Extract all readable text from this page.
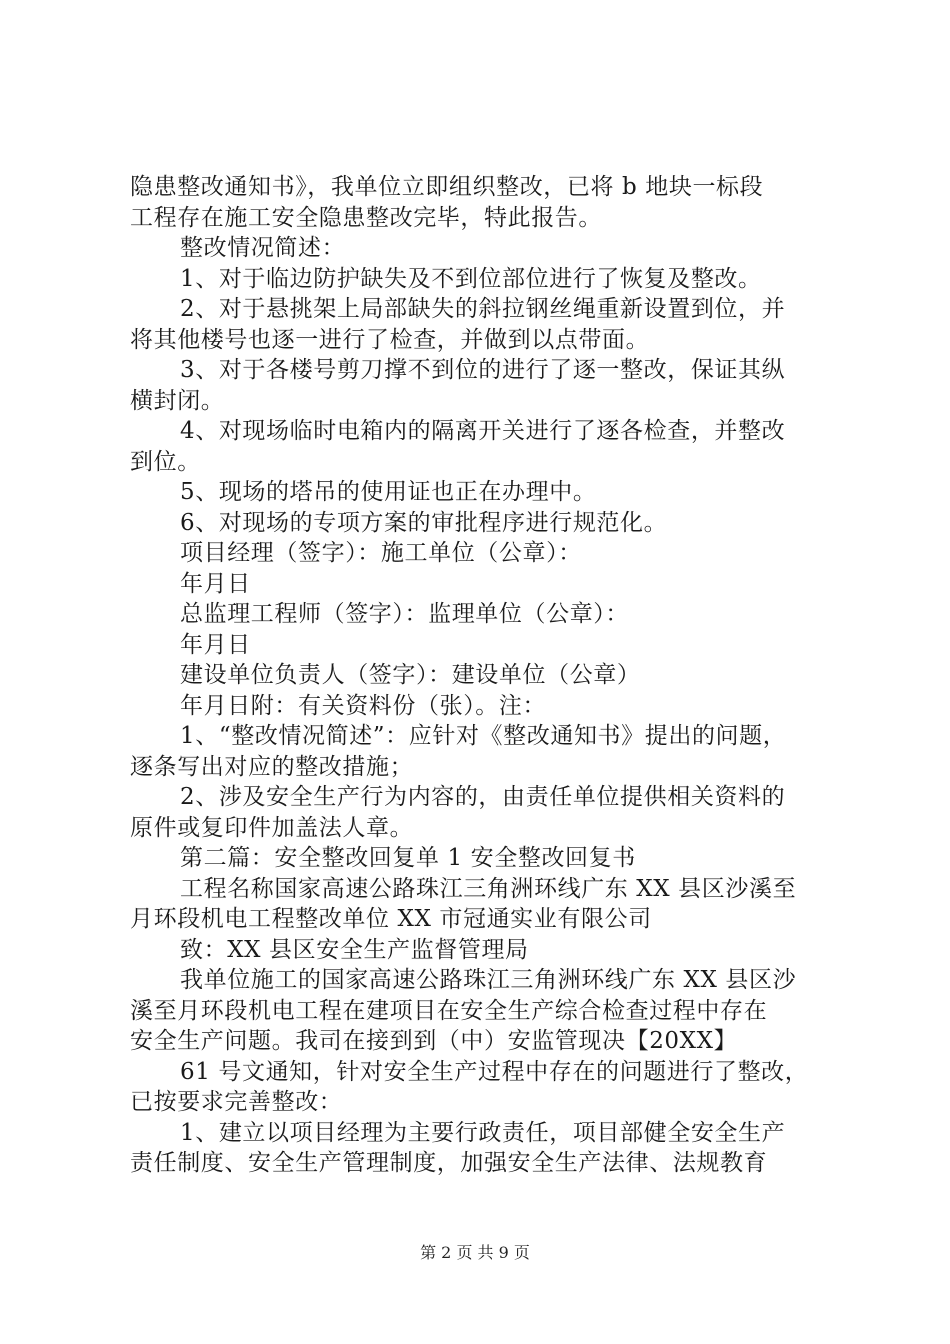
隐患整改通知书》，我单位立即组织整改，已将 b 地块一标段
工程存在施工安全隐患整改完毕，特此报告。
整改情况简述：
1、对于临边防护缺失及不到位部位进行了恢复及整改。
2、对于悬挑架上局部缺失的斜拉钢丝绳重新设置到位，并
将其他楼号也逐一进行了检查，并做到以点带面。
3、对于各楼号剪刀撑不到位的进行了逐一整改，保证其纵
横封闭。
4、对现场临时电箱内的隔离开关进行了逐各检查，并整改
到位。
5、现场的塔吊的使用证也正在办理中。
6、对现场的专项方案的审批程序进行规范化。
项目经理（签字）：施工单位（公章）：
年月日
总监理工程师（签字）：监理单位（公章）：
年月日
建设单位负责人（签字）：建设单位（公章）
年月日附：有关资料份（张）。注：
1、“整改情况简述”：应针对《整改通知书》提出的问题，
逐条写出对应的整改措施；
2、涉及安全生产行为内容的，由责任单位提供相关资料的
原件或复印件加盖法人章。
第二篇：安全整改回复单 1 安全整改回复书
工程名称国家高速公路珠江三角洲环线广东 XX 县区沙溪至
月环段机电工程整改单位 XX 市冠通实业有限公司
致：XX 县区安全生产监督管理局
我单位施工的国家高速公路珠江三角洲环线广东 XX 县区沙
溪至月环段机电工程在建项目在安全生产综合检查过程中存在
安全生产问题。我司在接到到（中）安监管现决【20XX】
61 号文通知，针对安全生产过程中存在的问题进行了整改，
已按要求完善整改：
1、建立以项目经理为主要行政责任，项目部健全安全生产
责任制度、安全生产管理制度，加强安全生产法律、法规教育
第 2 页 共 9 页
